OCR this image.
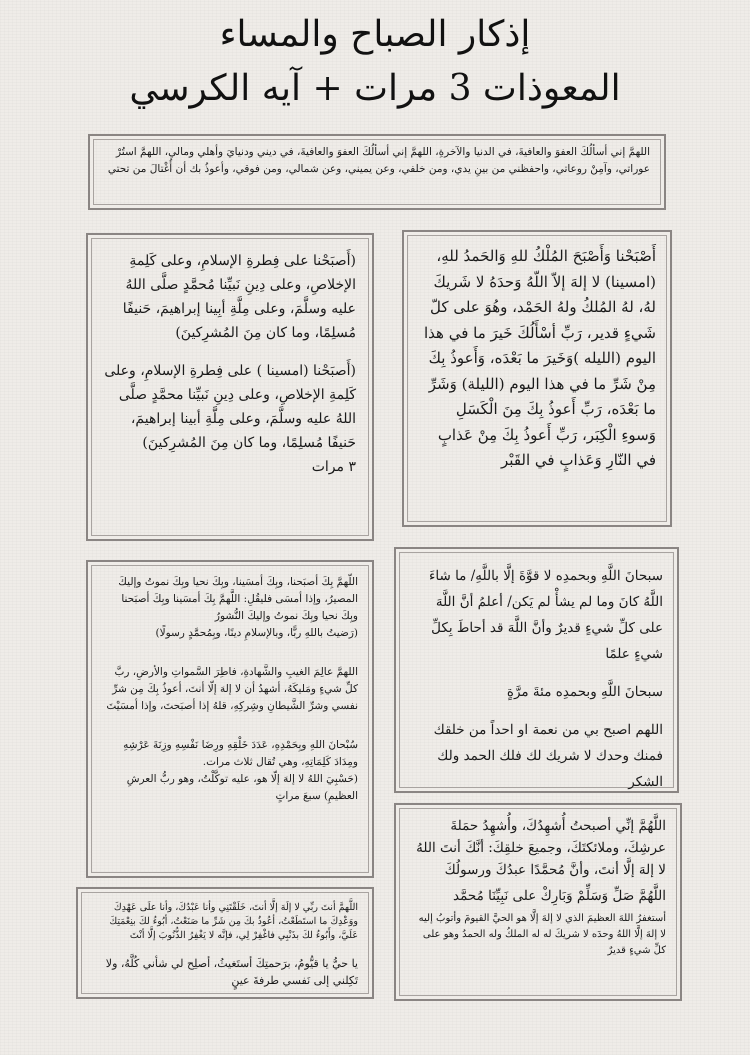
إذكار الصباح والمساء
المعوذات 3 مرات + آيه الكرسي

اللهمَّ إني أسألُكَ العفوَ والعافيةَ، في الدنيا والآخرةِ، اللهمَّ إني أسألُكَ العفوَ والعافيةَ، في ديني ودنيايَ وأهلي ومالي، اللهمَّ استُرْ عوراتي، وآمِنْ روعاتي، واحفظني من بينِ يدي، ومن خلفي، وعن يميني، وعن شمالي، ومن فوقي، وأعوذُ بك أن أُغْتالَ من تحتي

أَصْبَحْنا وَأَصْبَحَ المُلْكُ للهِ وَالحَمدُ للهِ،(امسينا) لا إلهَ إلاّ اللّهُ وَحدَهُ لا شَريكَ لهُ، لهُ المُلكُ ولهُ الحَمْد، وهُوَ على كلّ شَيءٍ قدير، رَبِّ أسْأَلُكَ خَيرَ ما في هذا اليوم (الليله )وَخَيرَ ما بَعْدَه، وَأَعوذُ بِكَ مِنْ شَرِّ ما في هذا اليوم (الليلة) وَشَرِّ ما بَعْدَه، رَبِّ أَعوذُ بِكَ مِنَ الْكَسَلِ وَسوءِ الْكِبَر، رَبِّ أَعوذُ بِكَ مِنْ عَذابٍ في النّارِ وَعَذابٍ في القَبْر

(أَصبَحْنا على فِطرةِ الإسلامِ، وعلى كَلِمةِ الإخلاصِ، وعلى دِينِ نَبيِّنا مُحمَّدٍ صلَّى اللهُ عليه وسلَّمَ، وعلى مِلَّةِ أبِينا إبراهيمَ، حَنيفًا مُسلِمًا، وما كان مِنَ المُشرِكينَ)

(أَصبَحْنا (امسينا ) على فِطرةِ الإسلامِ، وعلى كَلِمةِ الإخلاصِ، وعلى دِينِ نَبيِّنا محمَّدٍ صلَّى اللهُ عليه وسلَّمَ، وعلى مِلَّةِ أبينا إبراهيمَ، حَنيفًا مُسلِمًا، وما كان مِنَ المُشرِكينَ)

٣ مرات

سبحانَ اللَّهِ وبحمدِه لا قوَّةَ إلَّا باللَّهِ/ ما شاءَ اللَّهُ كانَ وما لم يشأْ لم يَكن/ أعلمُ أنَّ اللَّهَ على كلِّ شيءٍ قديرٌ وأنَّ اللَّهَ قد أحاطَ بِكلِّ شيءٍ علمًا

سبحانَ اللَّهِ وبحمدِه مئةَ مرَّةٍ

اللهم اصبح بي من نعمة او احداً من خلقك فمنك وحدك لا شريك لك فلك الحمد ولك الشكر

اللّهمَّ بِكَ أصبَحنا، وبِكَ أمسَينا، وبِكَ نحيا وبِكَ نموتُ وإليكَ المصيرُ، وإذا أمسَى فليقُلِ: اللَّهمَّ بِكَ أمسَينا وبِكَ أصبَحنا وبِكَ نحيا وبِكَ نموتُ وإليكَ النُّشورُ

(رَضيتُ باللهِ ربًّا، وبالإسلامِ دينًا، وبِمُحمَّدٍ رسولًا)

اللهمَّ عالِمَ الغيبِ والشَّهادةِ، فاطِرَ السَّمواتِ والأرضِ، ربَّ كلِّ شيءٍ ومَليكَهُ، أشهدُ أن لا إلهَ إلّا أنتَ، أعوذُ بِكَ مِن شرِّ نفسي وشرِّ الشَّيطانِ وشِركِهِ، قلهُ إذا أصبَحتَ، وإذا أمسَيْتَ

سُبْحانَ اللهِ وبِحَمْدِهِ، عَدَدَ خَلْقِهِ ورِضَا نَفْسِهِ وزِنَةَ عَرْشِهِ ومِدَادَ كَلِمَاتِهِ، وهي تُقال ثلاث مرات.

(حَسْبِيَ اللهُ لا إلهَ إلّا هو، عليه توكَّلْتُ، وهو ربُّ العرشِ العظيمِ) سبعَ مراتٍ

اللَّهُمَّ إنِّي أصبحتُ أُشهِدُكَ، وأُشهِدُ حمَلةَ عرشِكَ، وملائكتَكَ، وجميعَ خلقِكَ: أنَّكَ أنتَ اللهُ لا إلهَ إلَّا أنتَ، وأنَّ مُحمَّدًا عبدُكَ ورسولُكَ

اللَّهُمَّ صَلِّ وَسَلِّمْ وَبَارِكْ على نَبِيِّنَا مُحمَّد

أستغفرُ اللهَ العظيمَ الذي لا إلهَ إلَّا هو الحيَّ القيومَ وأتوبُ إليه لا إلهَ إلَّا اللهُ وحدَه لا شريكَ له له الملكُ وله الحمدُ وهو على كلِّ شيءٍ قديرٌ

اللَّهمَّ أنتَ ربِّي لا إلَهَ إلَّا أنتَ، خَلَقْتَنِي وأنا عَبْدُكَ، وأنا علَى عَهْدِكَ ووَعْدِكَ ما استَطَعْتُ، أعُوذُ بكَ مِن شَرِّ ما صَنَعْتُ، أبُوءُ لكَ بنِعْمَتِكَ عَلَيَّ، وأَبُوءُ لكَ بذَنْبِي فاغْفِرْ لِي، فإنَّه لا يَغْفِرُ الذُّنُوبَ إلَّا أنْتَ

يا حيُّ يا قيُّومُ، برَحمتِكَ أستَغيثُ، أصلِح لي شأني كُلَّهُ، ولا تَكِلني إلى نَفسي طرفةَ عينٍ
